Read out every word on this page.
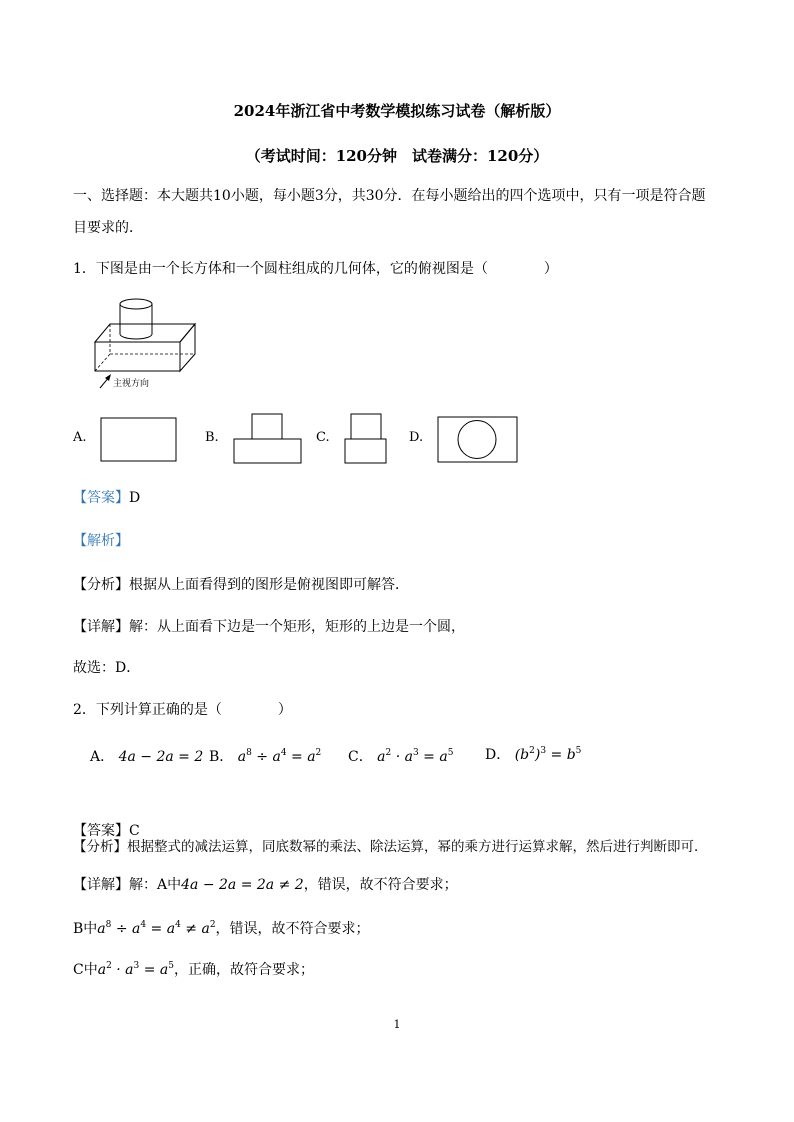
2024年浙江省中考数学模拟练习试卷（解析版）
（考试时间：120分钟　试卷满分：120分）
一、选择题：本大题共10小题，每小题3分，共30分．在每小题给出的四个选项中，只有一项是符合题
目要求的．
1．下图是由一个长方体和一个圆柱组成的几何体，它的俯视图是（　　　　）
主视方向
A.	B.	C.	D.
【答案】D
【解析】
【分析】根据从上面看得到的图形是俯视图即可解答．
【详解】解：从上面看下边是一个矩形，矩形的上边是一个圆，
故选：D．
2．下列计算正确的是（　　　　）
A． 4a − 2a = 2 B． $a^8 \div a^4 = a^2$ C． $a^2 \cdot a^3 = a^5$ D． $(b^2)^3 = b^5$
【答案】C
【分析】根据整式的减法运算，同底数幂的乘法、除法运算，幂的乘方进行运算求解，然后进行判断即可．
【详解】解：A中4a − 2a = 2a ≠ 2，错误，故不符合要求；
B中$a^8 \div a^4 = a^4 \ne a^2$，错误，故不符合要求；
C中$a^2 \cdot a^3 = a^5$，正确，故符合要求；
1
